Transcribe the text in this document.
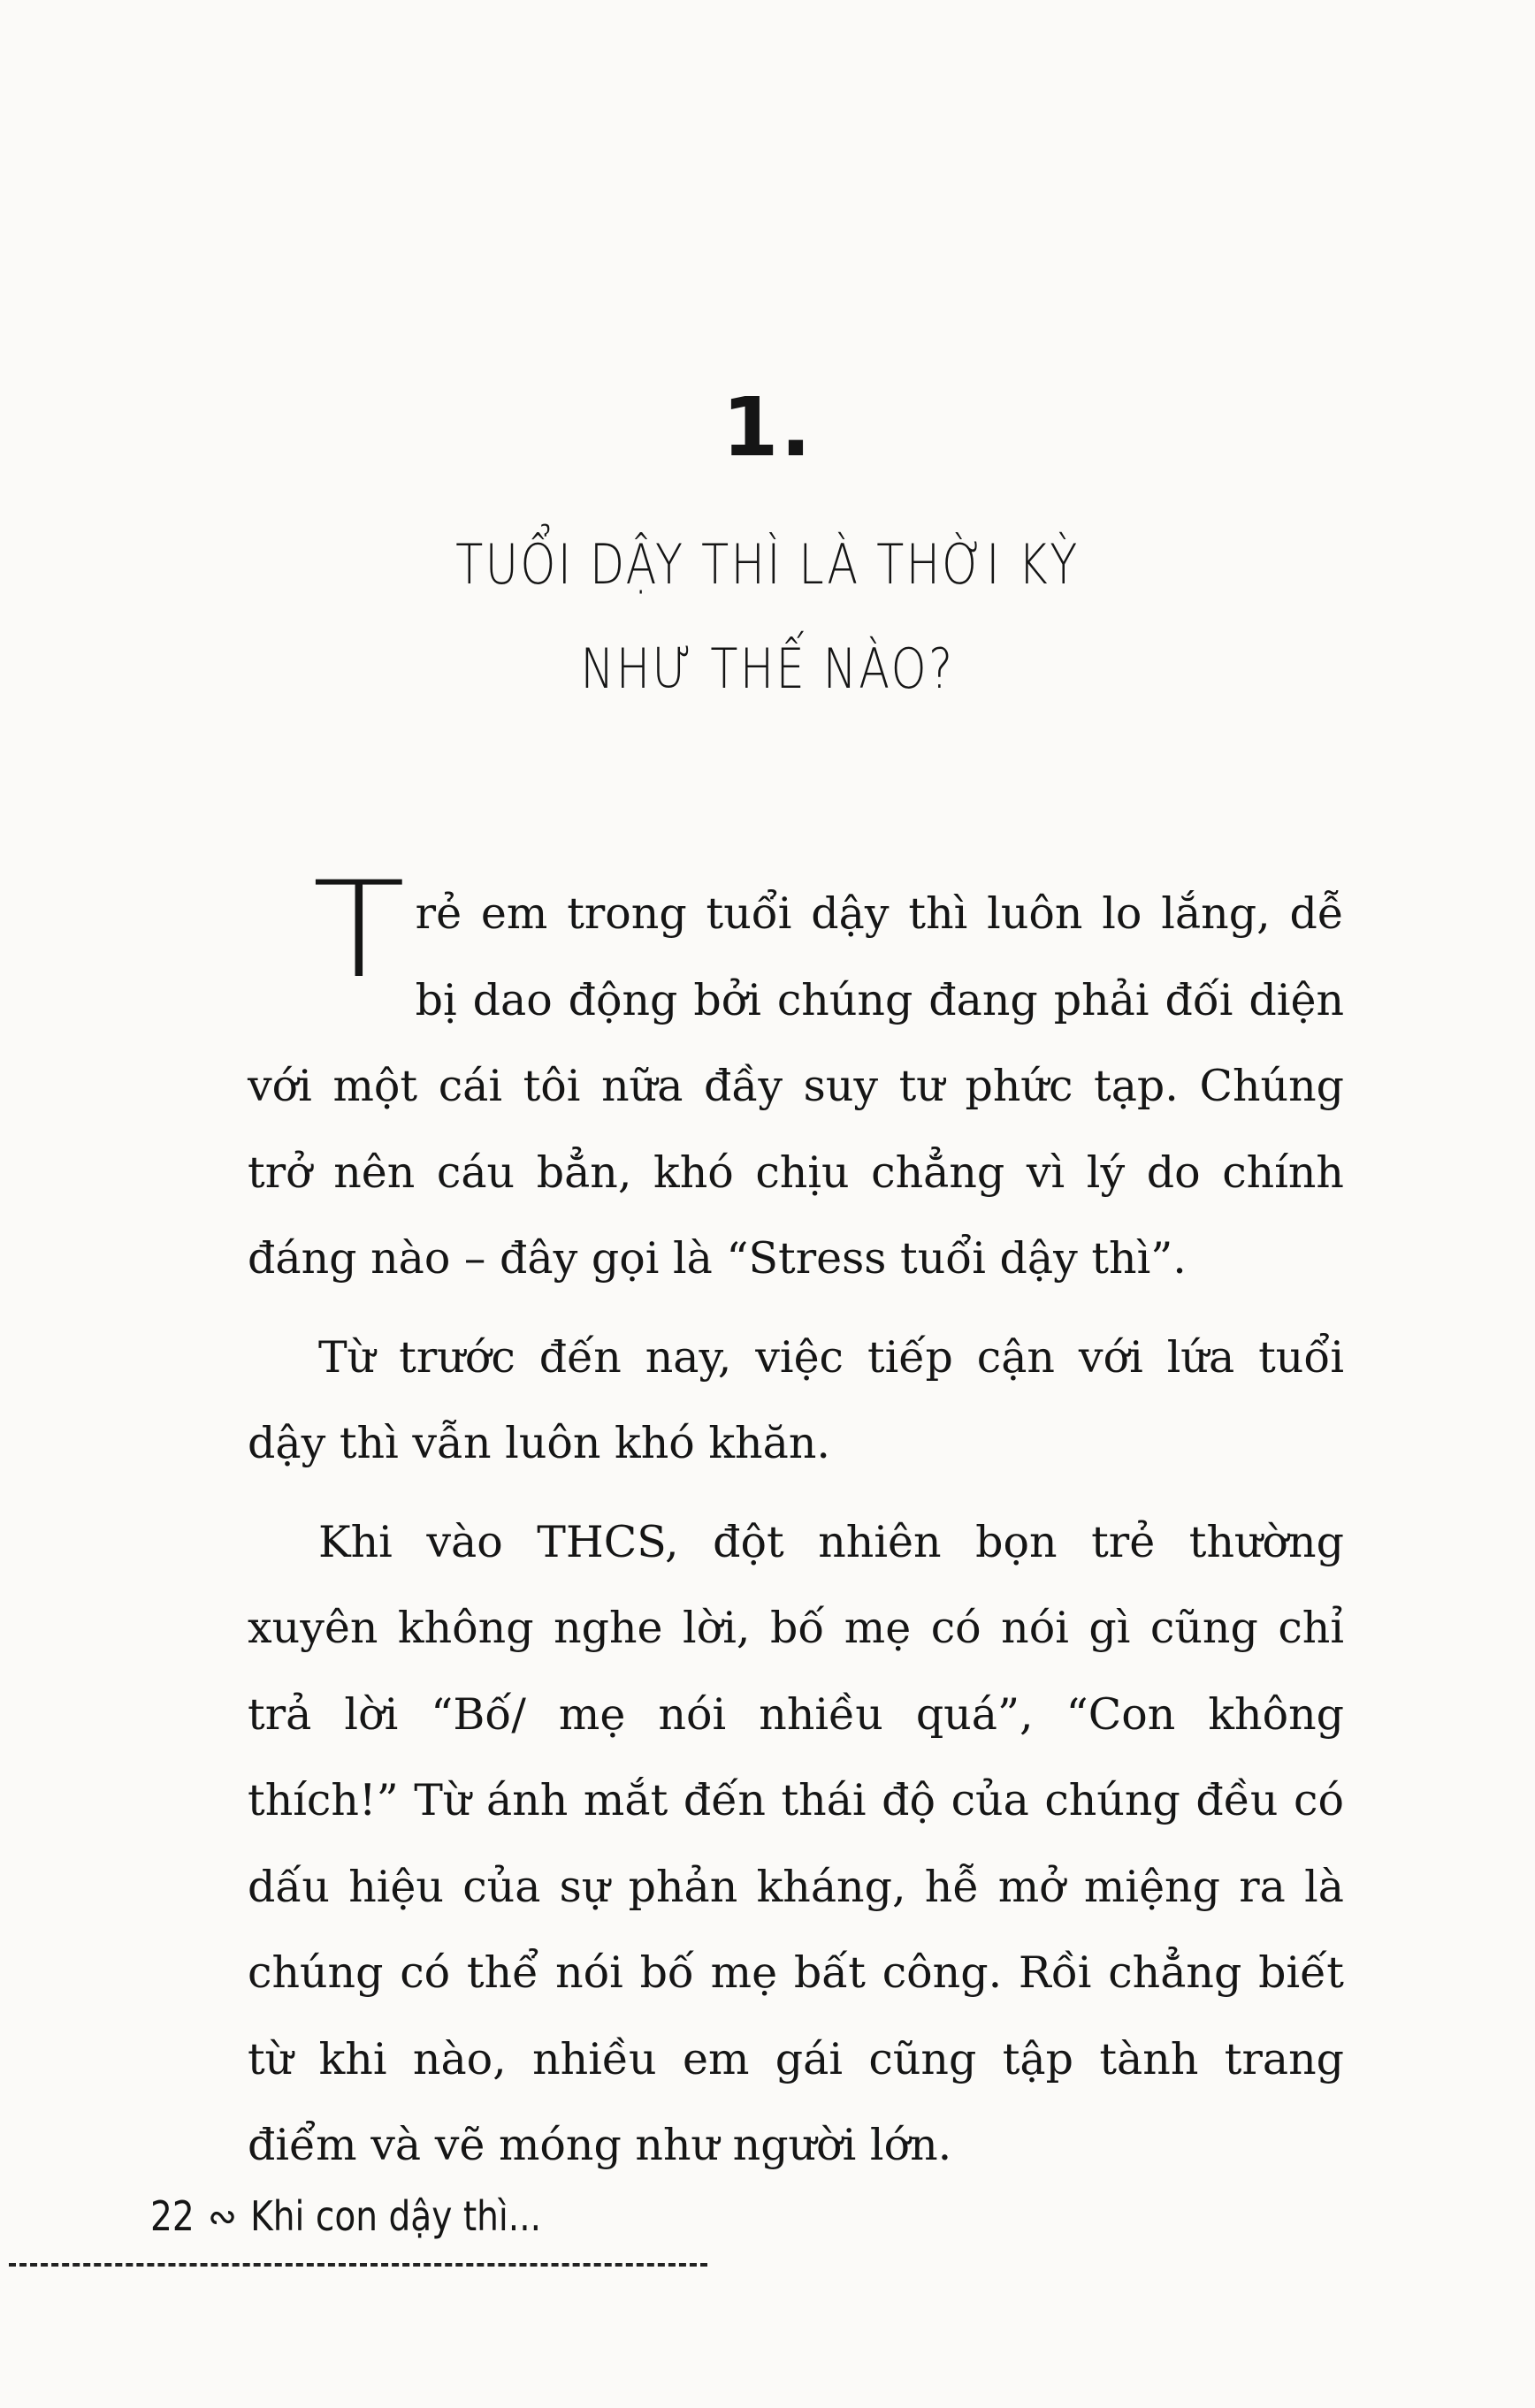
1.
TUỔI DẬY THÌ LÀ THỜI KỲ
NHƯ THẾ NÀO?

Trẻ em trong tuổi dậy thì luôn lo lắng, dễ bị dao động bởi chúng đang phải đối diện với một cái tôi nữa đầy suy tư phức tạp. Chúng trở nên cáu bẳn, khó chịu chẳng vì lý do chính đáng nào – đây gọi là “Stress tuổi dậy thì”.

Từ trước đến nay, việc tiếp cận với lứa tuổi dậy thì vẫn luôn khó khăn.

Khi vào THCS, đột nhiên bọn trẻ thường xuyên không nghe lời, bố mẹ có nói gì cũng chỉ trả lời “Bố/ mẹ nói nhiều quá”, “Con không thích!” Từ ánh mắt đến thái độ của chúng đều có dấu hiệu của sự phản kháng, hễ mở miệng ra là chúng có thể nói bố mẹ bất công. Rồi chẳng biết từ khi nào, nhiều em gái cũng tập tành trang điểm và vẽ móng như người lớn.

22 ∾ Khi con dậy thì...
